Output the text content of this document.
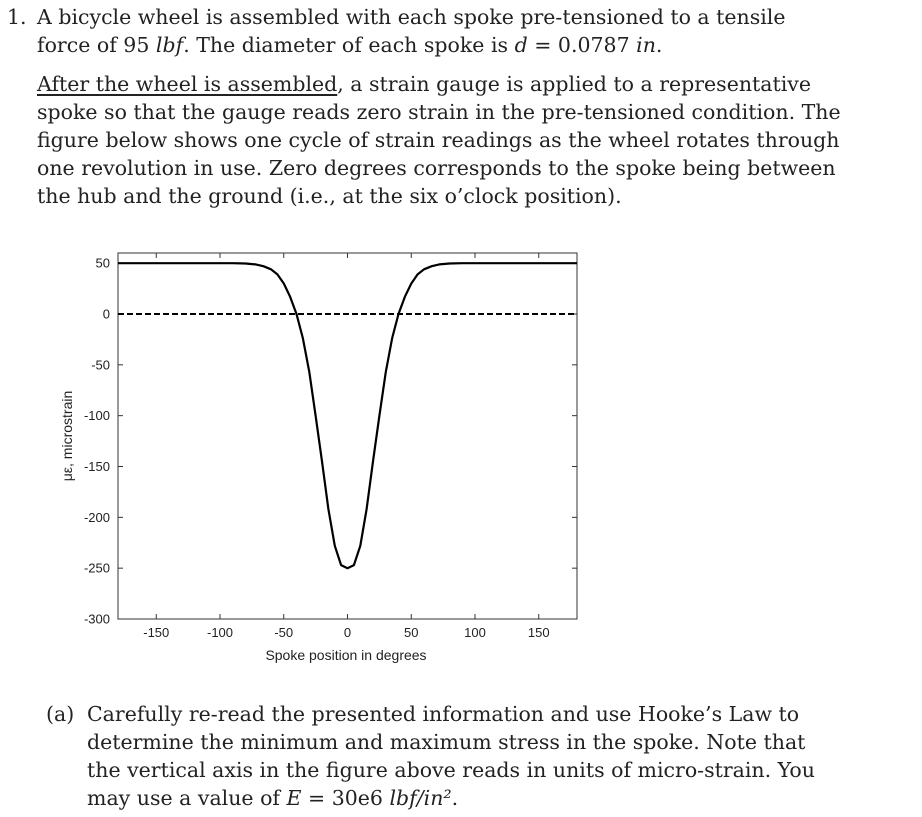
1. A bicycle wheel is assembled with each spoke pre-tensioned to a tensile force of 95 lbf. The diameter of each spoke is d = 0.0787 in.
After the wheel is assembled, a strain gauge is applied to a representative spoke so that the gauge reads zero strain in the pre-tensioned condition. The figure below shows one cycle of strain readings as the wheel rotates through one revolution in use. Zero degrees corresponds to the spoke being between the hub and the ground (i.e., at the six o’clock position).
-150	-100	-50	0	50	100	150
50
0
-50
-100
-150
-200
-250
-300
Spoke position in degrees
με, microstrain
(a) Carefully re-read the presented information and use Hooke’s Law to determine the minimum and maximum stress in the spoke. Note that the vertical axis in the figure above reads in units of micro-strain. You may use a value of E = 30e6 lbf/in².
